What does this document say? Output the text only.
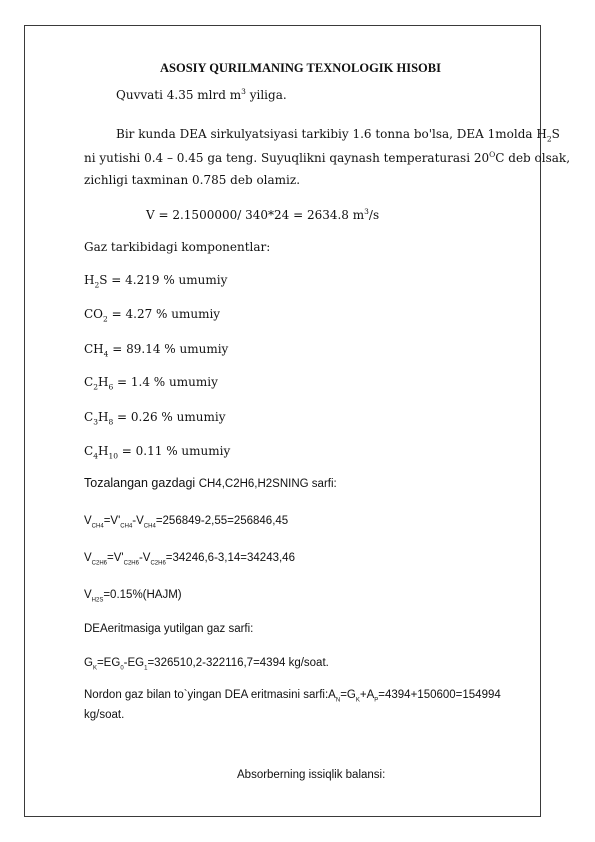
ASOSIY QURILMANING TEXNOLOGIK HISOBI
Quvvati 4.35 mlrd $m^3$ yiliga.
Bir kunda DEA sirkulyatsiyasi tarkibiy 1.6 tonna bo'lsa, DEA 1molda $H_2S$
ni yutishi 0.4 – 0.45 ga teng. Suyuqlikni qaynash temperaturasi $20^OC$ deb olsak,
zichligi taxminan 0.785 deb olamiz.
V = 2.1500000/ 340*24 = 2634.8 $m^3/s$
Gaz tarkibidagi komponentlar:
$H_2S = 4.219$ % umumiy
$CO_2 = 4.27$ % umumiy
$CH_4 = 89.14$ % umumiy
$C_2H_6 = 1.4$ % umumiy
$C_3H_8 = 0.26$ % umumiy
$C_4H_{10} = 0.11$ % umumiy
Tozalangan gazdagi CH4,C2H6,H2SNING sarfi:
$V_{CH4}=V'_{CH4}-V_{CH4}=256849-2,55=256846,45$
$V_{C2H6}=V'_{C2H6}-V_{C2H6}=34246,6-3,14=34243,46$
$V_{H2S}=0.15\%(HAJM)$
DEAeritmasiga yutilgan gaz sarfi:
$G_K=EG_0-EG_1=326510,2-322116,7=4394$ kg/soat.
Nordon gaz bilan to`yingan DEA eritmasini $sarfi:A_N=G_K+A_P=4394+150600=154994$
kg/soat.
Absorberning issiqlik balansi:
